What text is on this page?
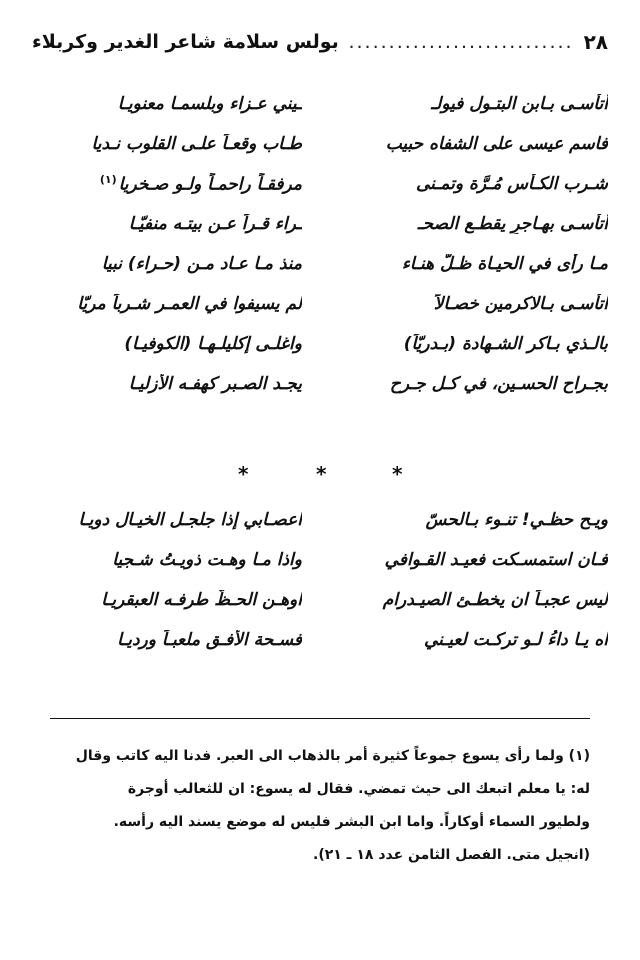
٢٨
.....
بولس سلامة شاعر الغدير وكربلاء
أتأسـى بـابن البتـول فيولـ
ـيني عـزاء وبلسمـا معنويـا
فاسم عيسى على الشفاه حبيب
طـاب وقعـاً علـى القلوب نـديا
شـرب الكـأس مُـرَّة وتمـنى
مرفقـاً راحمـاً ولـو صـخريا$^{(١)}$
أتأسـى بهـاجرٍ يقطـع الصحـ
ـراء قـراً عـن بيتـه منفيّـا
مـا رأى في الحيـاة ظـلّ هنـاء
منذ مـا عـاد مـن (حـراء) نبيا
اتأسـى بـالاكرمين خصـالاً
لم يسيفوا في العمـر شـرباً مريّا
بالـذي بـاكر الشـهادة (بـدريّاً)
واغلـى إكليلـهـا (الكوفيـا)
بجـراح الحسـين، في كـل جـرح
يجـد الصـبر كهفـه الأزليـا
*	*	*
ويـح حظـي! تنـوء بـالحسّ
اعصـابي إذا جلجـل الخيـال دويـا
فـان استمسـكت فعيـد القـوافي
واذا مـا وهـت ذويـتُ شـجيا
ليس عجبـاً ان يخطـئ الصيـدرام
اوهـن الحـظُّ طرفـه العبقريـا
اه يـا داءُ لـو تركـت لعيـني
فسـحة الأفـق ملعبـاً ورديـا

(١) ولما رأى يسوع جموعاً كثيرة أمر بالذهاب الى العبر. فدنا اليه كاتب وقال

له: يا معلم اتبعك الى حيث تمضي. فقال له يسوع: ان للثعالب أوجرة

ولطيور السماء أوكاراً. واما ابن البشر فليس له موضع يسند اليه رأسه.

(انجيل متى. الفصل الثامن عدد ١٨ ـ ٢١).
